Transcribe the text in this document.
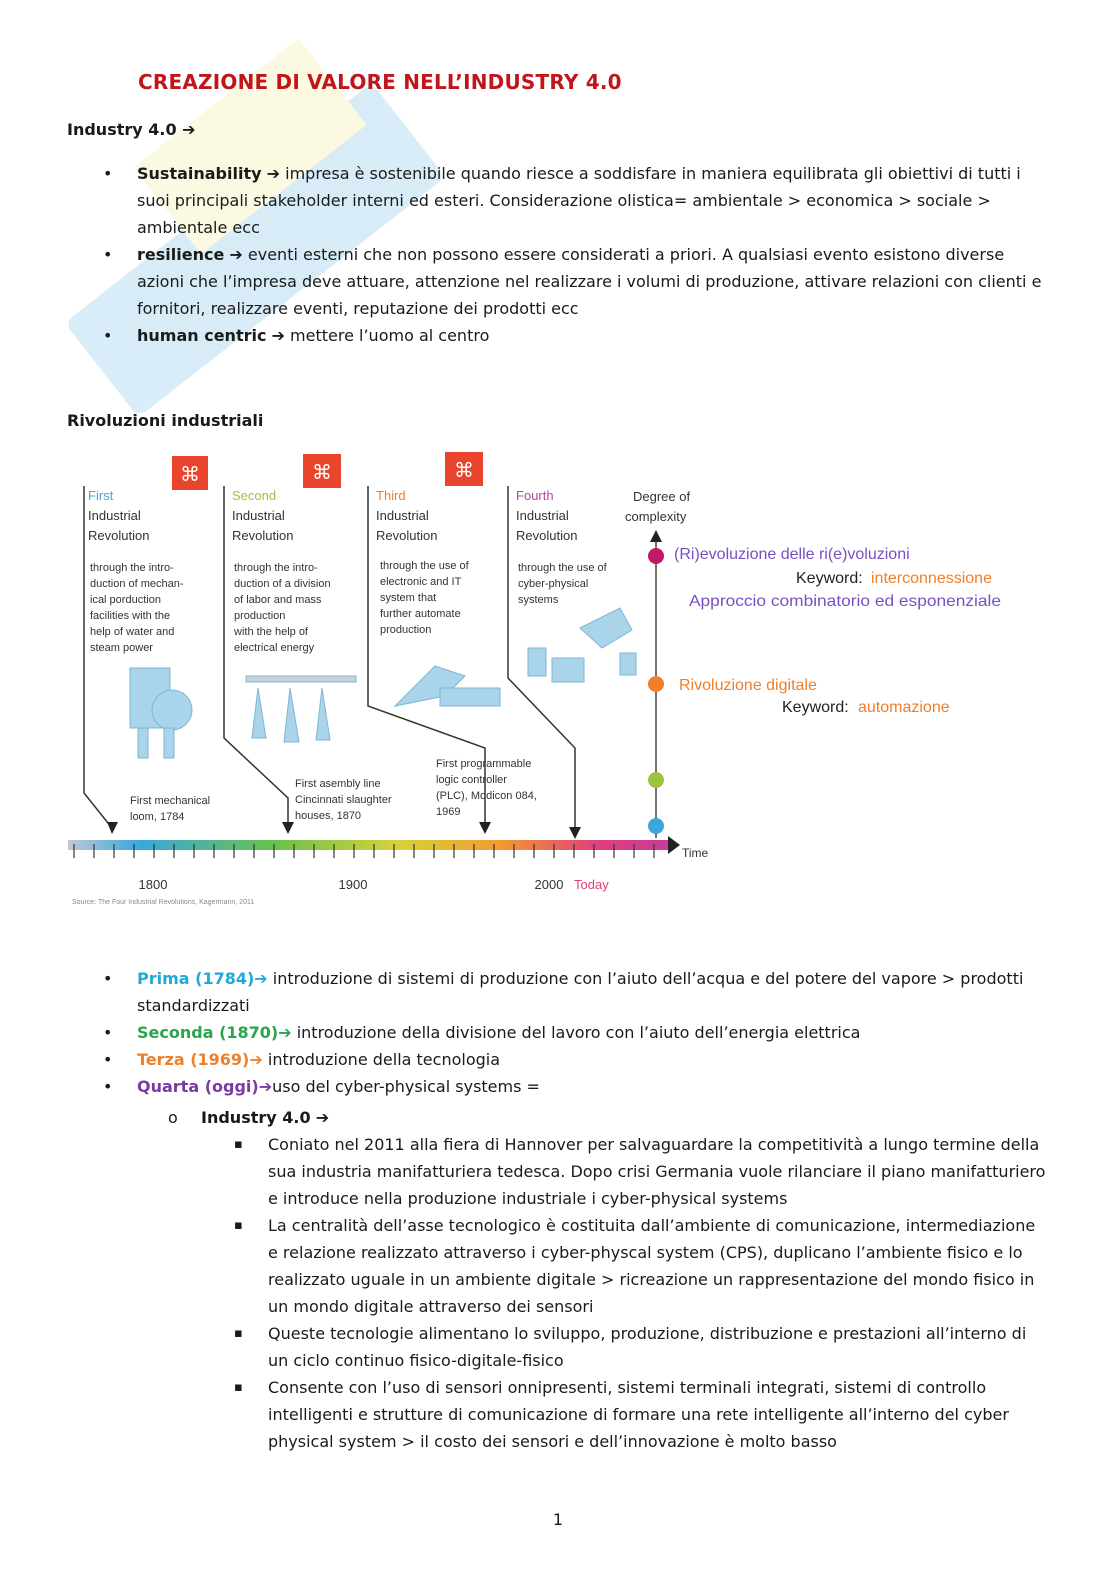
CREAZIONE DI VALORE NELL’INDUSTRY 4.0

Industry 4.0 ➔

• Sustainability ➔ impresa è sostenibile quando riesce a soddisfare in maniera equilibrata gli obiettivi di tutti i suoi principali stakeholder interni ed esteri. Considerazione olistica= ambientale > economica > sociale > ambientale ecc
• resilience ➔ eventi esterni che non possono essere considerati a priori. A qualsiasi evento esistono diverse azioni che l’impresa deve attuare, attenzione nel realizzare i volumi di produzione, attivare relazioni con clienti e fornitori, realizzare eventi, reputazione dei prodotti ecc
• human centric ➔ mettere l’uomo al centro

Rivoluzioni industriali

⌘	⌘	⌘
First
Industrial
Revolution
Second
Industrial
Revolution
Third
Industrial
Revolution
Fourth
Industrial
Revolution
through the intro-
duction of mechan-
ical porduction
facilities with the
help of water and
steam power
through the intro-
duction of a division
of labor and mass
production
with the help of
electrical energy
through the use of
electronic and IT
system that
further automate
production
through the use of
cyber-physical
systems
First mechanical
loom, 1784
First asembly line
Cincinnati slaughter
houses, 1870
First programmable
logic controller
(PLC), Modicon 084,
1969
Degree of
complexity
(Ri)evoluzione delle ri(e)voluzioni
Keyword: interconnessione
Approccio combinatorio ed esponenziale
Rivoluzione digitale
Keyword: automazione
Time
1800	1900	2000 Today
Source: The Four Industrial Revolutions, Kagermann, 2011
• Prima (1784)➔ introduzione di sistemi di produzione con l’aiuto dell’acqua e del potere del vapore > prodotti standardizzati
• Seconda (1870)➔ introduzione della divisione del lavoro con l’aiuto dell’energia elettrica
• Terza (1969)➔ introduzione della tecnologia
• Quarta (oggi)➔uso del cyber-physical systems =
o Industry 4.0 ➔
▪ Coniato nel 2011 alla fiera di Hannover per salvaguardare la competitività a lungo termine della sua industria manifatturiera tedesca. Dopo crisi Germania vuole rilanciare il piano manifatturiero e introduce nella produzione industriale i cyber-physical systems
▪ La centralità dell’asse tecnologico è costituita dall’ambiente di comunicazione, intermediazione e relazione realizzato attraverso i cyber-physcal system (CPS), duplicano l’ambiente fisico e lo realizzato uguale in un ambiente digitale > ricreazione un rappresentazione del mondo fisico in un mondo digitale attraverso dei sensori
▪ Queste tecnologie alimentano lo sviluppo, produzione, distribuzione e prestazioni all’interno di un ciclo continuo fisico-digitale-fisico
▪ Consente con l’uso di sensori onnipresenti, sistemi terminali integrati, sistemi di controllo intelligenti e strutture di comunicazione di formare una rete intelligente all’interno del cyber physical system > il costo dei sensori e dell’innovazione è molto basso
1
